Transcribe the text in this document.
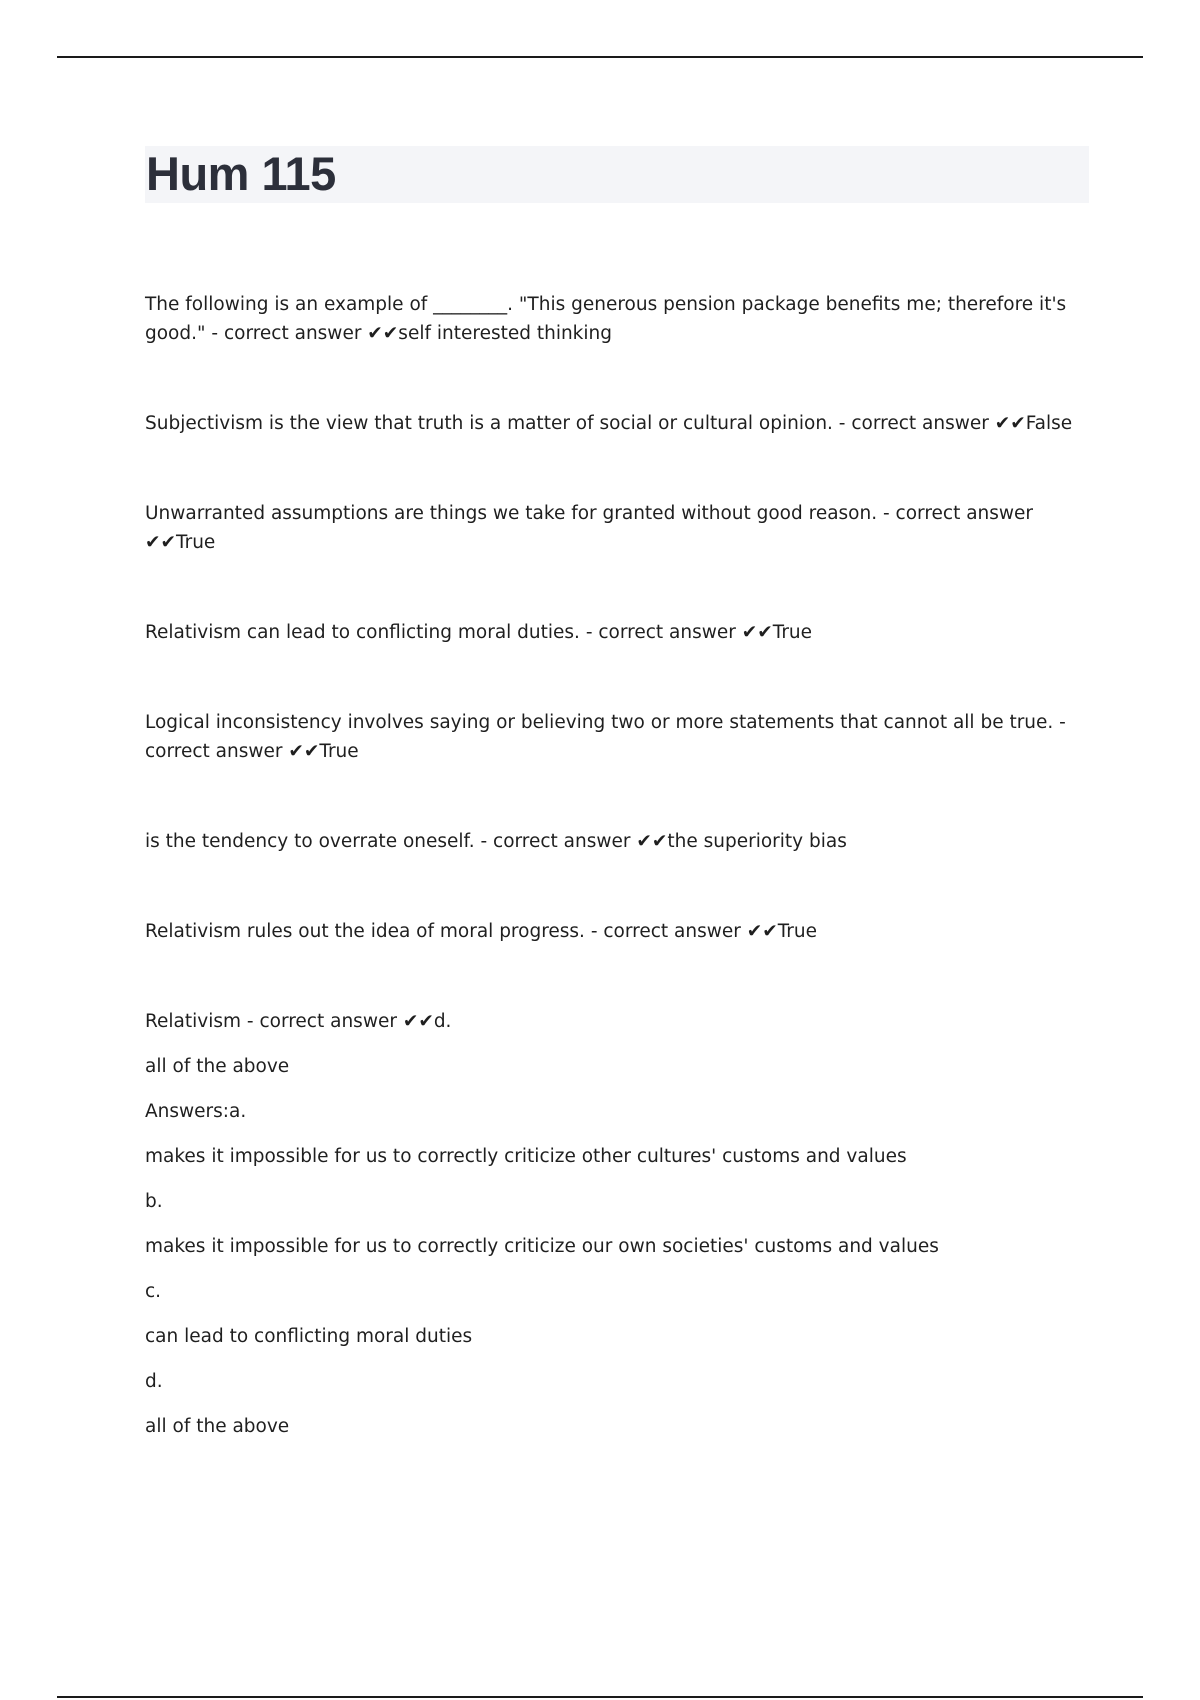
Hum 115

The following is an example of ________. "This generous pension package benefits me; therefore it's good." - correct answer ✔✔self interested thinking

Subjectivism is the view that truth is a matter of social or cultural opinion. - correct answer ✔✔False

Unwarranted assumptions are things we take for granted without good reason. - correct answer ✔✔True

Relativism can lead to conflicting moral duties. - correct answer ✔✔True

Logical inconsistency involves saying or believing two or more statements that cannot all be true. - correct answer ✔✔True

is the tendency to overrate oneself. - correct answer ✔✔the superiority bias

Relativism rules out the idea of moral progress. - correct answer ✔✔True

Relativism - correct answer ✔✔d.

all of the above

Answers:a.

makes it impossible for us to correctly criticize other cultures' customs and values

b.

makes it impossible for us to correctly criticize our own societies' customs and values

c.

can lead to conflicting moral duties

d.

all of the above
